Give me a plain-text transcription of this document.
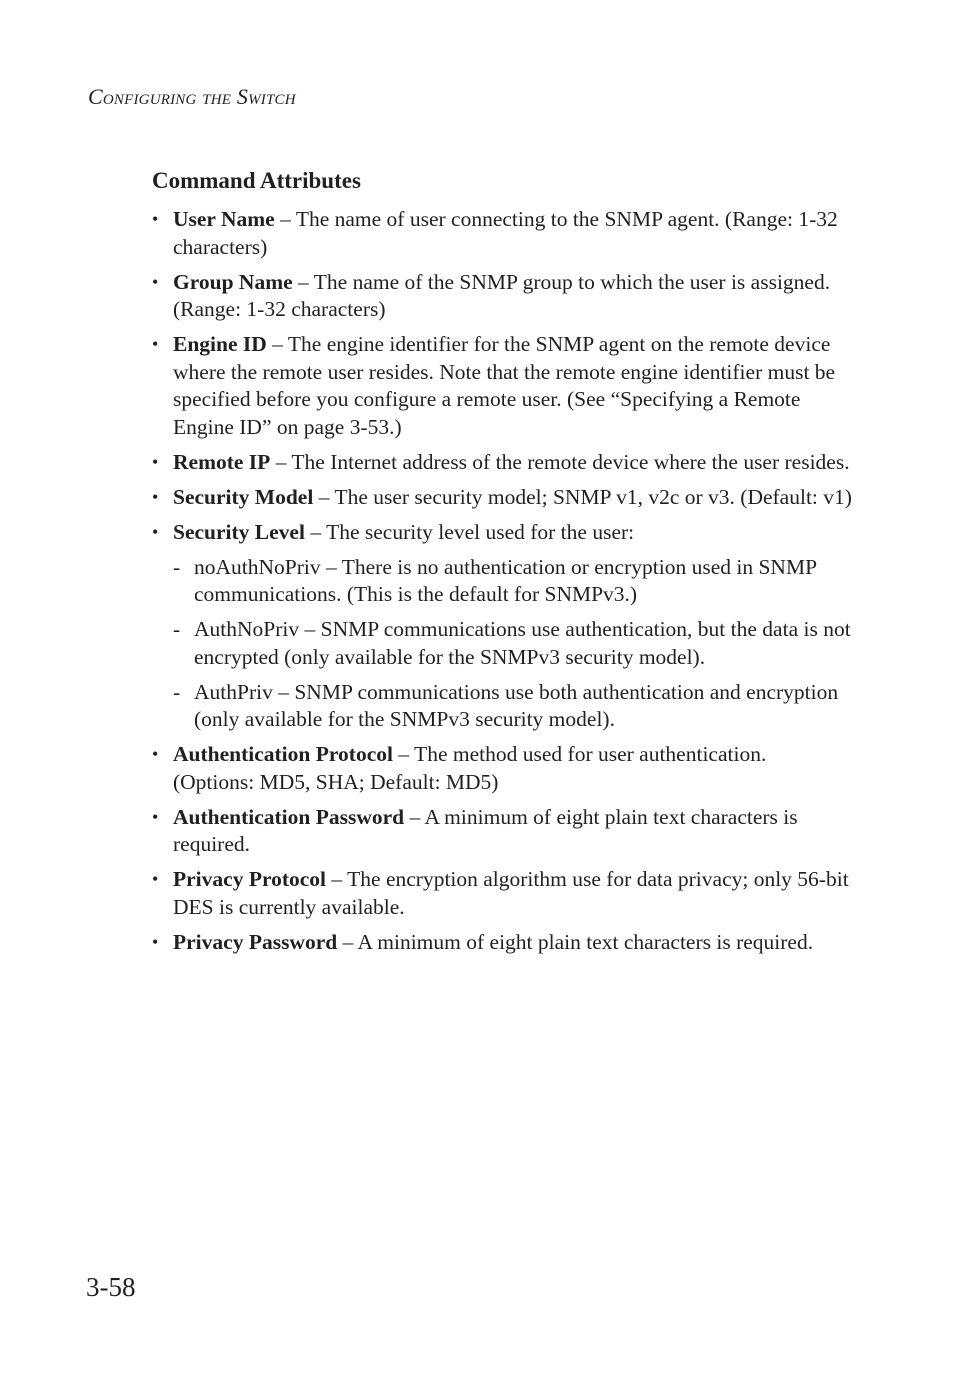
Configuring the Switch
Command Attributes
• User Name – The name of user connecting to the SNMP agent. (Range: 1-32 characters)
• Group Name – The name of the SNMP group to which the user is assigned. (Range: 1-32 characters)
• Engine ID – The engine identifier for the SNMP agent on the remote device where the remote user resides. Note that the remote engine identifier must be specified before you configure a remote user. (See “Specifying a Remote Engine ID” on page 3-53.)
• Remote IP – The Internet address of the remote device where the user resides.
• Security Model – The user security model; SNMP v1, v2c or v3. (Default: v1)
• Security Level – The security level used for the user:
- noAuthNoPriv – There is no authentication or encryption used in SNMP communications. (This is the default for SNMPv3.)
- AuthNoPriv – SNMP communications use authentication, but the data is not encrypted (only available for the SNMPv3 security model).
- AuthPriv – SNMP communications use both authentication and encryption (only available for the SNMPv3 security model).
• Authentication Protocol – The method used for user authentication. (Options: MD5, SHA; Default: MD5)
• Authentication Password – A minimum of eight plain text characters is required.
• Privacy Protocol – The encryption algorithm use for data privacy; only 56-bit DES is currently available.
• Privacy Password – A minimum of eight plain text characters is required.
3-58
